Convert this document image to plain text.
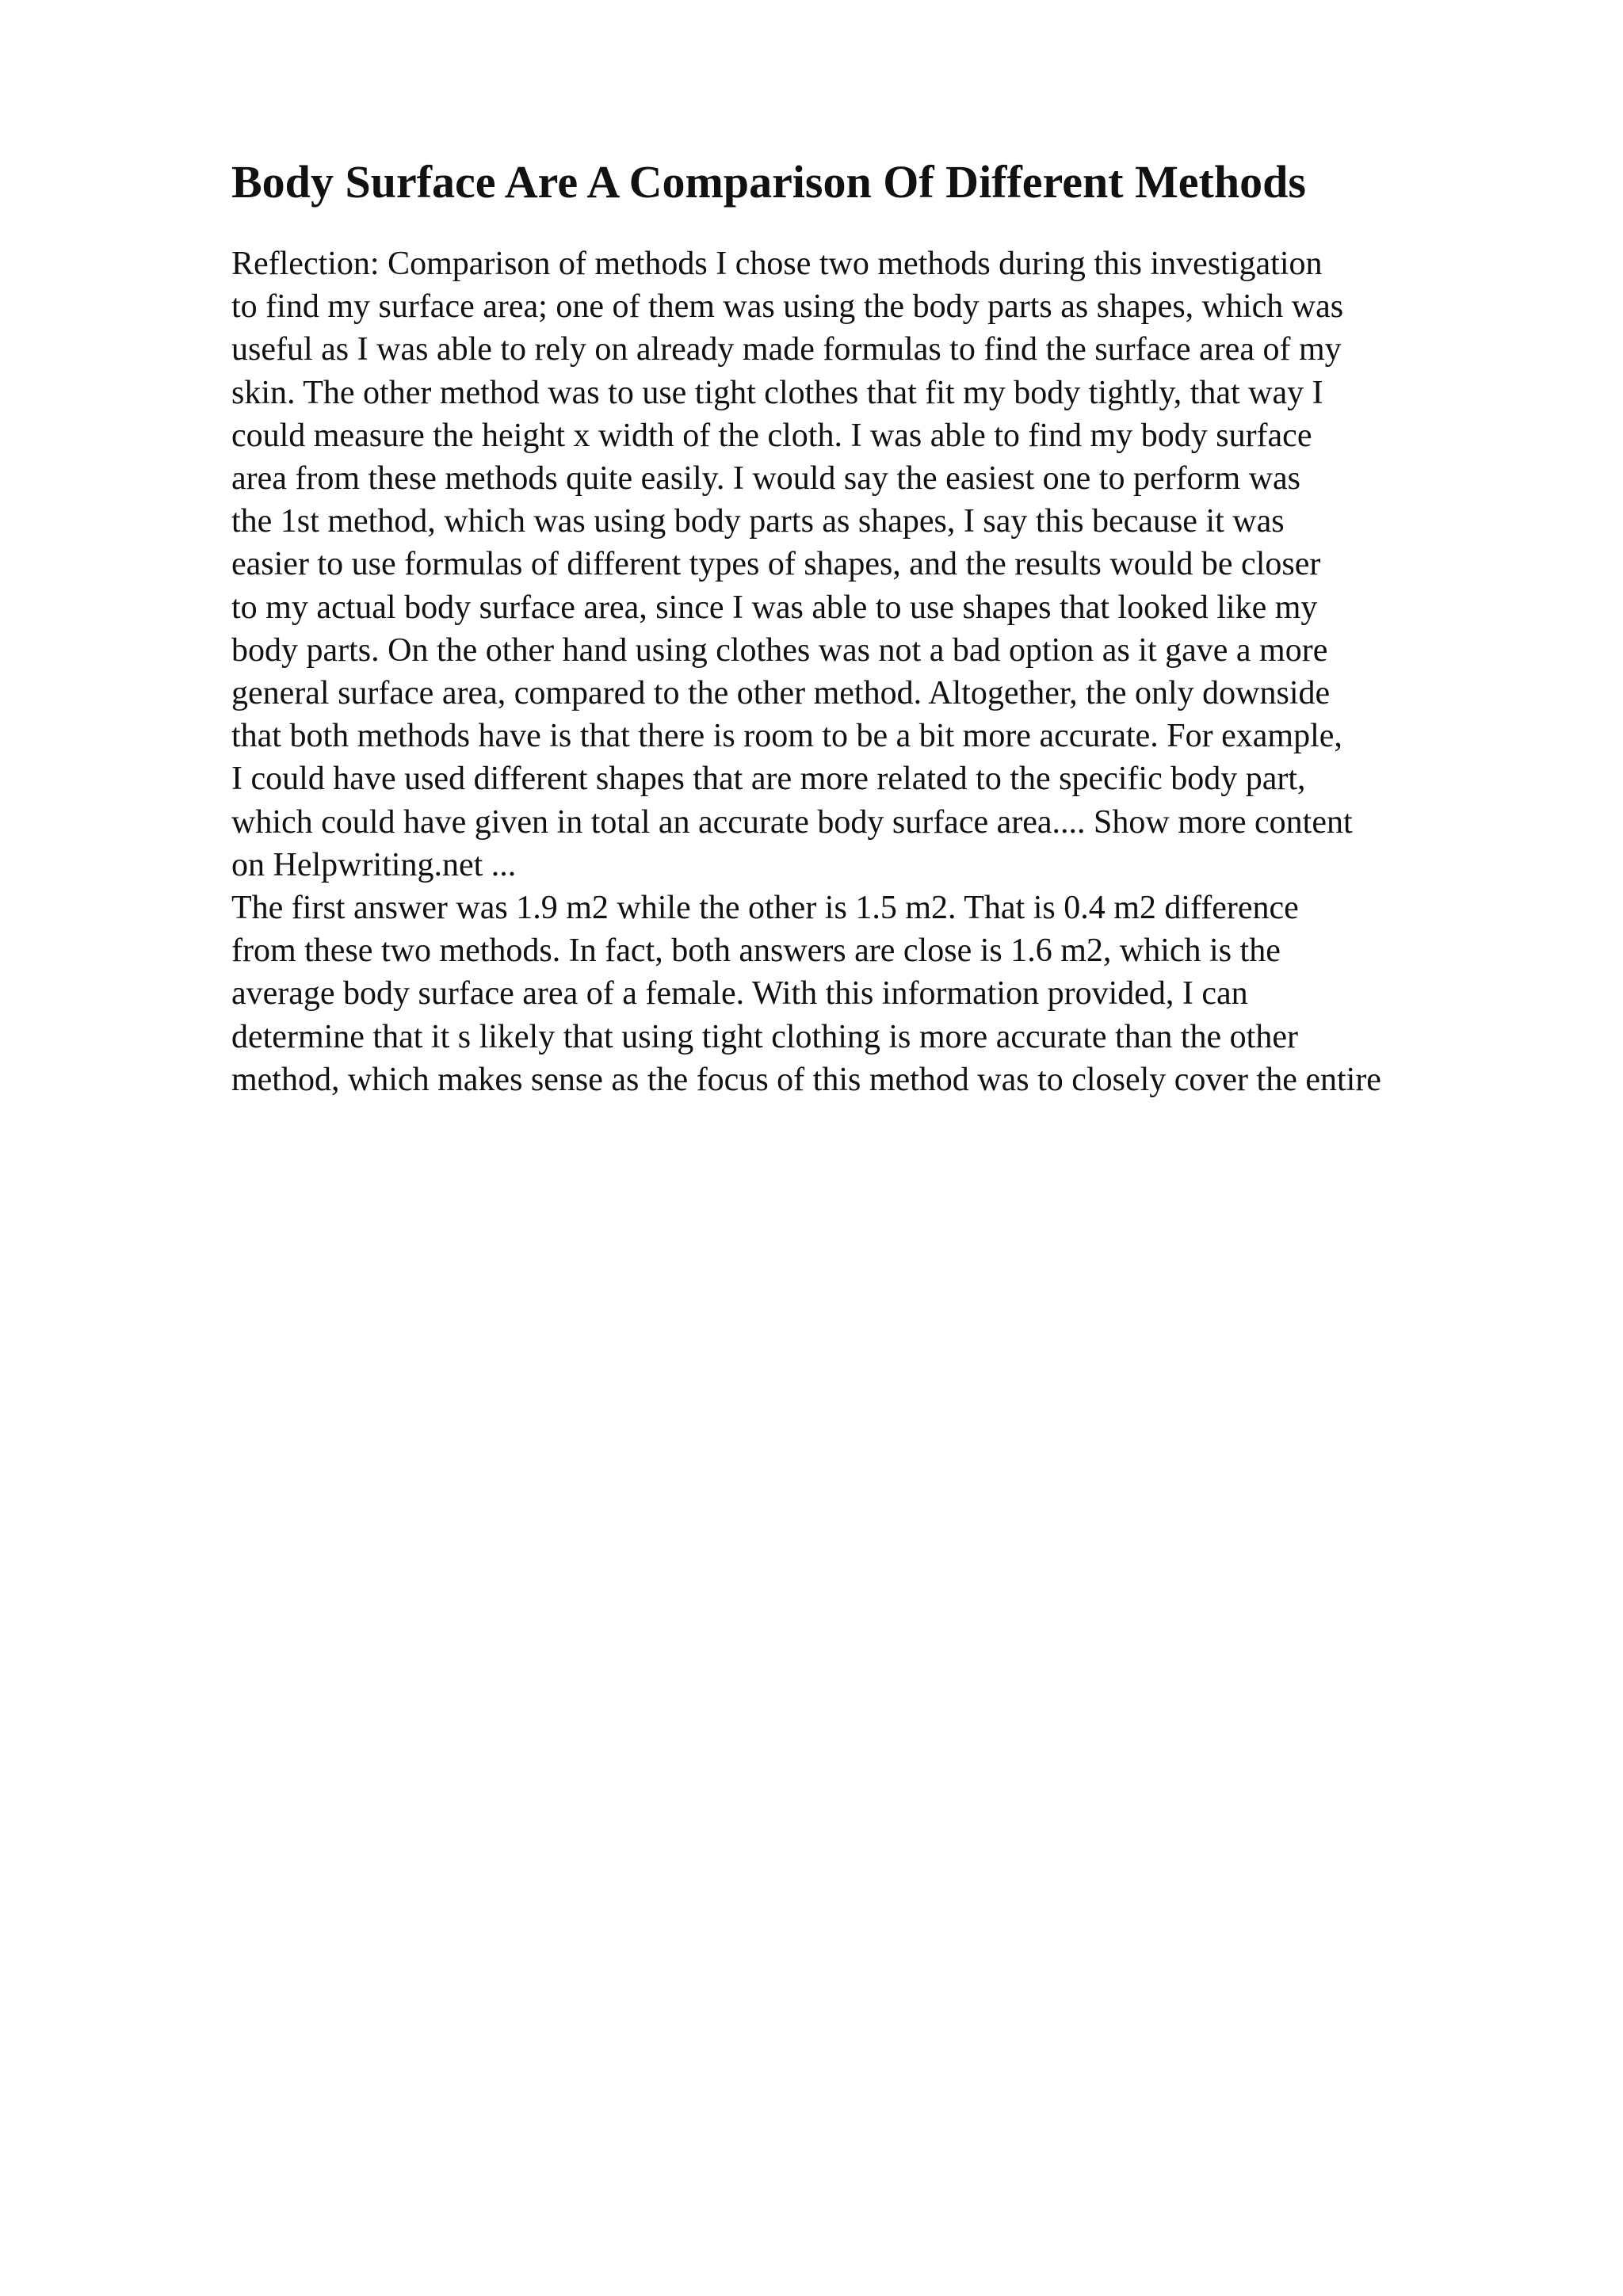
Body Surface Are A Comparison Of Different Methods
Reflection: Comparison of methods I chose two methods during this investigation
to find my surface area; one of them was using the body parts as shapes, which was
useful as I was able to rely on already made formulas to find the surface area of my
skin. The other method was to use tight clothes that fit my body tightly, that way I
could measure the height x width of the cloth. I was able to find my body surface
area from these methods quite easily. I would say the easiest one to perform was
the 1st method, which was using body parts as shapes, I say this because it was
easier to use formulas of different types of shapes, and the results would be closer
to my actual body surface area, since I was able to use shapes that looked like my
body parts. On the other hand using clothes was not a bad option as it gave a more
general surface area, compared to the other method. Altogether, the only downside
that both methods have is that there is room to be a bit more accurate. For example,
I could have used different shapes that are more related to the specific body part,
which could have given in total an accurate body surface area.... Show more content
on Helpwriting.net ...
The first answer was 1.9 m2 while the other is 1.5 m2. That is 0.4 m2 difference
from these two methods. In fact, both answers are close is 1.6 m2, which is the
average body surface area of a female. With this information provided, I can
determine that it s likely that using tight clothing is more accurate than the other
method, which makes sense as the focus of this method was to closely cover the entire
